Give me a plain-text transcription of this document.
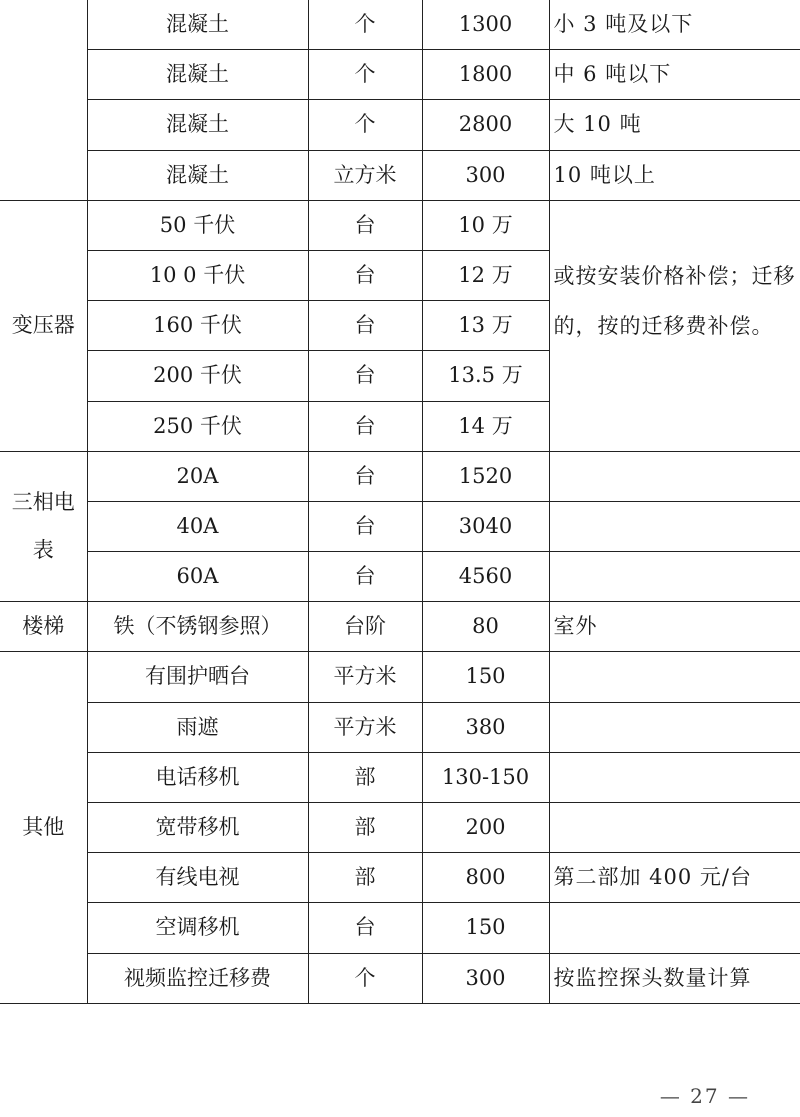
	混凝土	个	1300	小 3 吨及以下
	混凝土	个	1800	中 6 吨以下
	混凝土	个	2800	大 10 吨
	混凝土	立方米	300	10 吨以上
变压器	50 千伏	台	10 万	或按安装价格补偿；迁移的，按的迁移费补偿。

	10 0 千伏	台	12 万	
	160 千伏	台	13 万	
	200 千伏	台	13.5 万	
	250 千伏	台	14 万	

三相电表	20A	台	1520	
	40A	台	3040	
	60A	台	4560	
楼梯	铁（不锈钢参照）	台阶	80	室外
其他	有围护晒台	平方米	150	
	雨遮	平方米	380	
	电话移机	部	130-150	
	宽带移机	部	200	
	有线电视	部	800	第二部加 400 元/台
	空调移机	台	150	
	视频监控迁移费	个	300	按监控探头数量计算
— 27 —
